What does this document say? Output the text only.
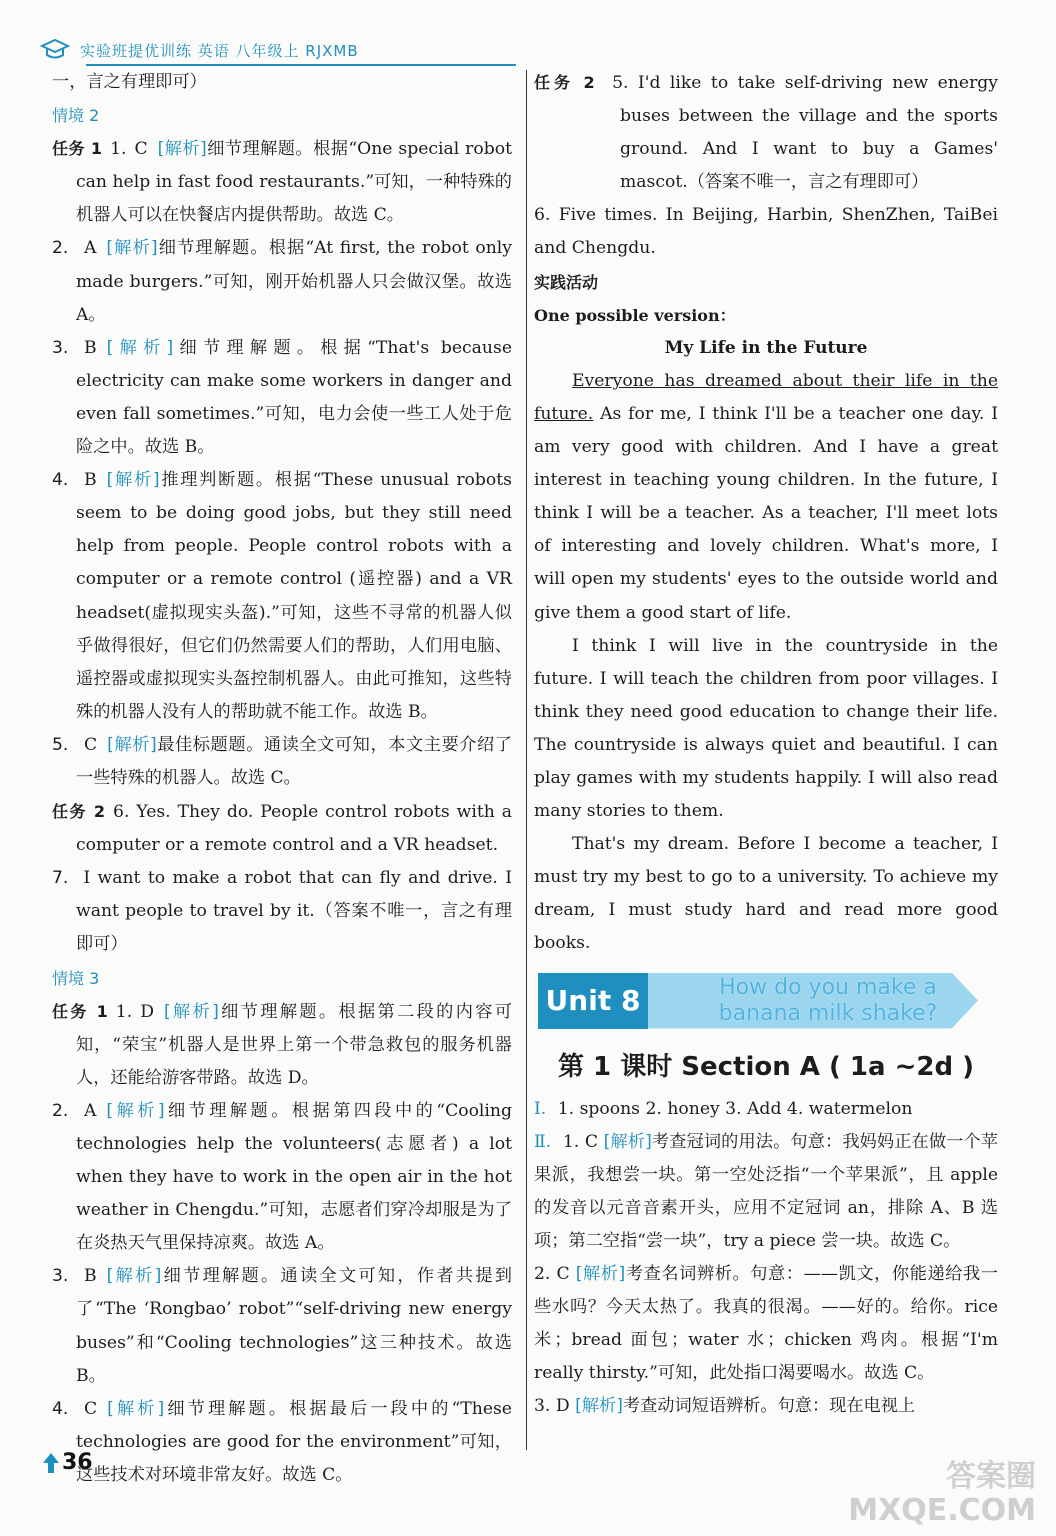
实验班提优训练 英语 八年级上 RJXMB

一，言之有理即可）

情境 2

任务 1 1. C [解析]细节理解题。根据“One special robot can help in fast food restaurants.”可知，一种特殊的机器人可以在快餐店内提供帮助。故选 C。

2. A [解析]细节理解题。根据“At first, the robot only made burgers.”可知，刚开始机器人只会做汉堡。故选 A。

3. B [解析]细节理解题。根据“That's because electricity can make some workers in danger and even fall sometimes.”可知，电力会使一些工人处于危险之中。故选 B。

4. B [解析]推理判断题。根据“These unusual robots seem to be doing good jobs, but they still need help from people. People control robots with a computer or a remote control (遥控器) and a VR headset(虚拟现实头盔).”可知，这些不寻常的机器人似乎做得很好，但它们仍然需要人们的帮助，人们用电脑、遥控器或虚拟现实头盔控制机器人。由此可推知，这些特殊的机器人没有人的帮助就不能工作。故选 B。

5. C [解析]最佳标题题。通读全文可知，本文主要介绍了一些特殊的机器人。故选 C。

任务 2 6. Yes. They do. People control robots with a computer or a remote control and a VR headset.

7. I want to make a robot that can fly and drive. I want people to travel by it.（答案不唯一，言之有理即可）

情境 3

任务 1 1. D [解析]细节理解题。根据第二段的内容可知，“荣宝”机器人是世界上第一个带急救包的服务机器人，还能给游客带路。故选 D。

2. A [解析]细节理解题。根据第四段中的“Cooling technologies help the volunteers(志愿者) a lot when they have to work in the open air in the hot weather in Chengdu.”可知，志愿者们穿冷却服是为了在炎热天气里保持凉爽。故选 A。

3. B [解析]细节理解题。通读全文可知，作者共提到了“The ‘Rongbao’ robot”“self-driving new energy buses”和“Cooling technologies”这三种技术。故选 B。

4. C [解析]细节理解题。根据最后一段中的“These technologies are good for the environment”可知，这些技术对环境非常友好。故选 C。

任务 2 5. I'd like to take self-driving new energy buses between the village and the sports ground. And I want to buy a Games' mascot.（答案不唯一，言之有理即可）

6. Five times. In Beijing, Harbin, ShenZhen, TaiBei and Chengdu.

实践活动

One possible version：

My Life in the Future

Everyone has dreamed about their life in the future. As for me, I think I'll be a teacher one day. I am very good with children. And I have a great interest in teaching young children. In the future, I think I will be a teacher. As a teacher, I'll meet lots of interesting and lovely children. What's more, I will open my students' eyes to the outside world and give them a good start of life.

I think I will live in the countryside in the future. I will teach the children from poor villages. I think they need good education to change their life. The countryside is always quiet and beautiful. I can play games with my students happily. I will also read many stories to them.

That's my dream. Before I become a teacher, I must try my best to go to a university. To achieve my dream, I must study hard and read more good books.

Unit 8	How do you make a banana milk shake?
第 1 课时 Section A ( 1a ~2d )

Ⅰ. 1. spoons 2. honey 3. Add 4. watermelon

Ⅱ. 1. C [解析]考查冠词的用法。句意：我妈妈正在做一个苹果派，我想尝一块。第一空处泛指“一个苹果派”，且 apple 的发音以元音音素开头，应用不定冠词 an，排除 A、B 选项；第二空指“尝一块”，try a piece 尝一块。故选 C。

2. C [解析]考查名词辨析。句意：——凯文，你能递给我一些水吗？今天太热了。我真的很渴。——好的。给你。rice 米；bread 面包；water 水；chicken 鸡肉。根据“I'm really thirsty.”可知，此处指口渴要喝水。故选 C。

3. D [解析]考查动词短语辨析。句意：现在电视上

36	答案圈
MXQE.COM
